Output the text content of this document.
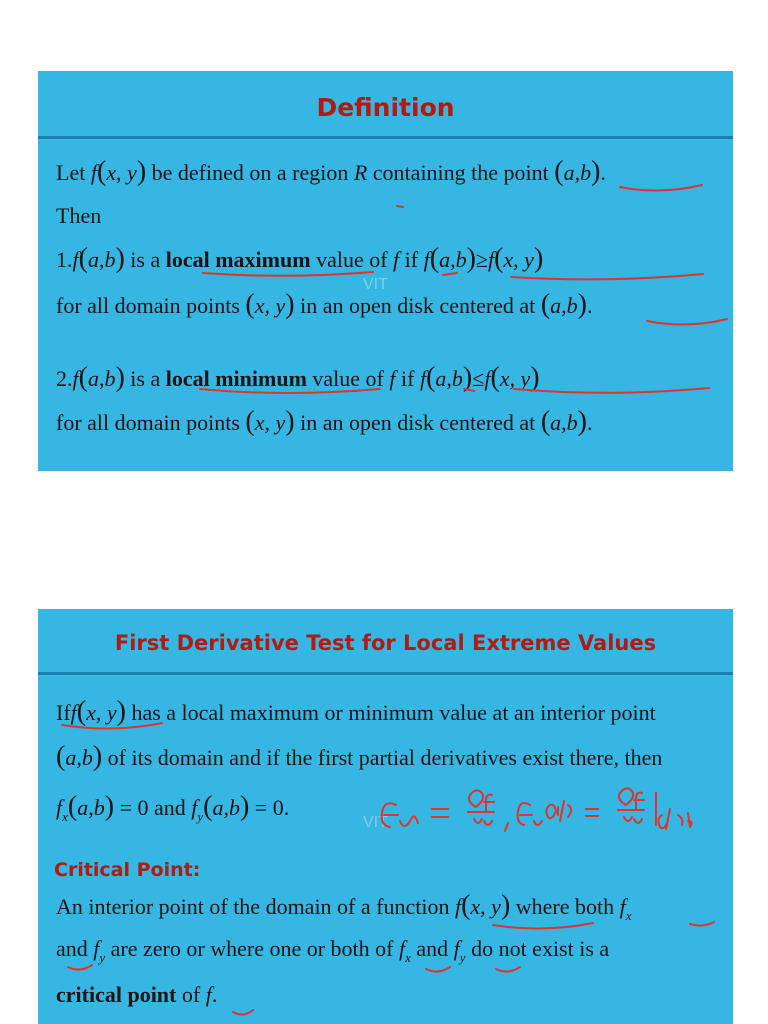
Definition
VIT
Let f(x, y) be defined on a region R containing the point (a,b).
Then
1.f(a,b) is a local maximum value of f if f(a,b)≥f(x, y)
for all domain points (x, y) in an open disk centered at (a,b).
2.f(a,b) is a local minimum value of f if f(a,b)≤f(x, y)
for all domain points (x, y) in an open disk centered at (a,b).
First Derivative Test for Local Extreme Values
VIT
Iff(x, y) has a local maximum or minimum value at an interior point
(a,b) of its domain and if the first partial derivatives exist there, then
$f_x(a,b) = 0$ and $f_y(a,b) = 0$.
Critical Point:
An interior point of the domain of a function f(x, y) where both $f_x$
and $f_y$ are zero or where one or both of $f_x$ and $f_y$ do not exist is a
critical point of f.
